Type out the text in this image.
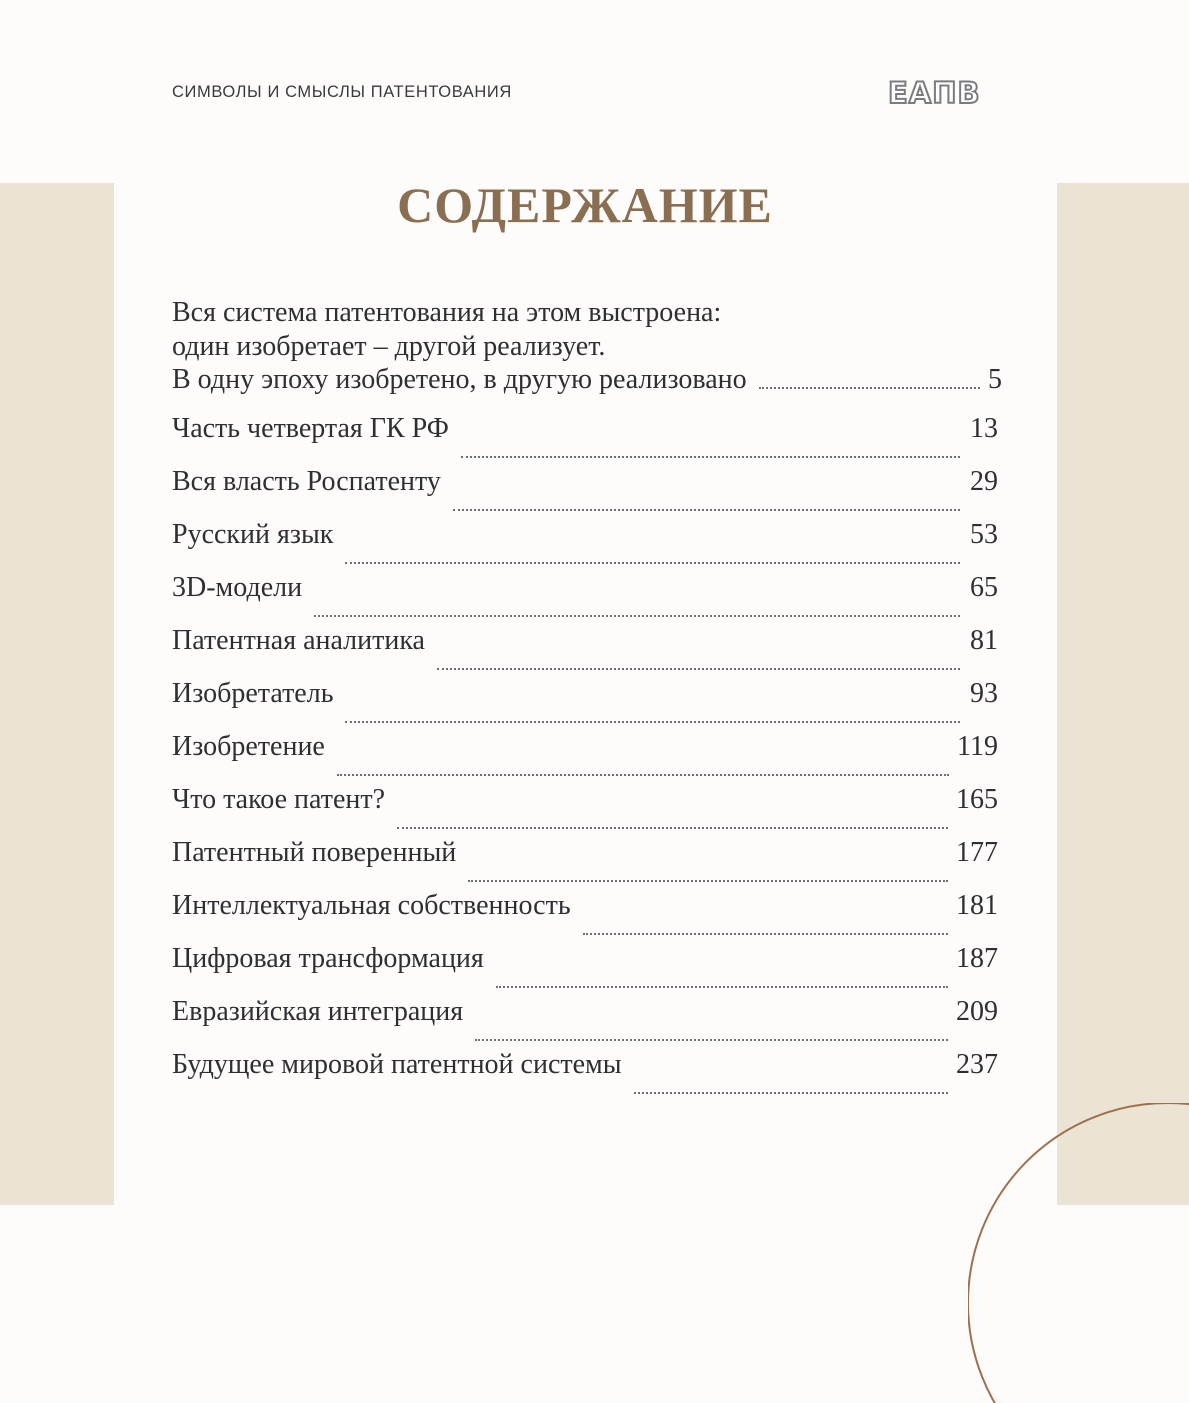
СИМВОЛЫ И СМЫСЛЫ ПАТЕНТОВАНИЯ	ЕАПВ
СОДЕРЖАНИЕ
Вся система патентования на этом выстроена:
один изобретает – другой реализует.
В одну эпоху изобретено, в другую реализовано	5
Часть четвертая ГК РФ	13
Вся власть Роспатенту	29
Русский язык	53
3D-модели	65
Патентная аналитика	81
Изобретатель	93
Изобретение	119
Что такое патент?	165
Патентный поверенный	177
Интеллектуальная собственность	181
Цифровая трансформация	187
Евразийская интеграция	209
Будущее мировой патентной системы	237
